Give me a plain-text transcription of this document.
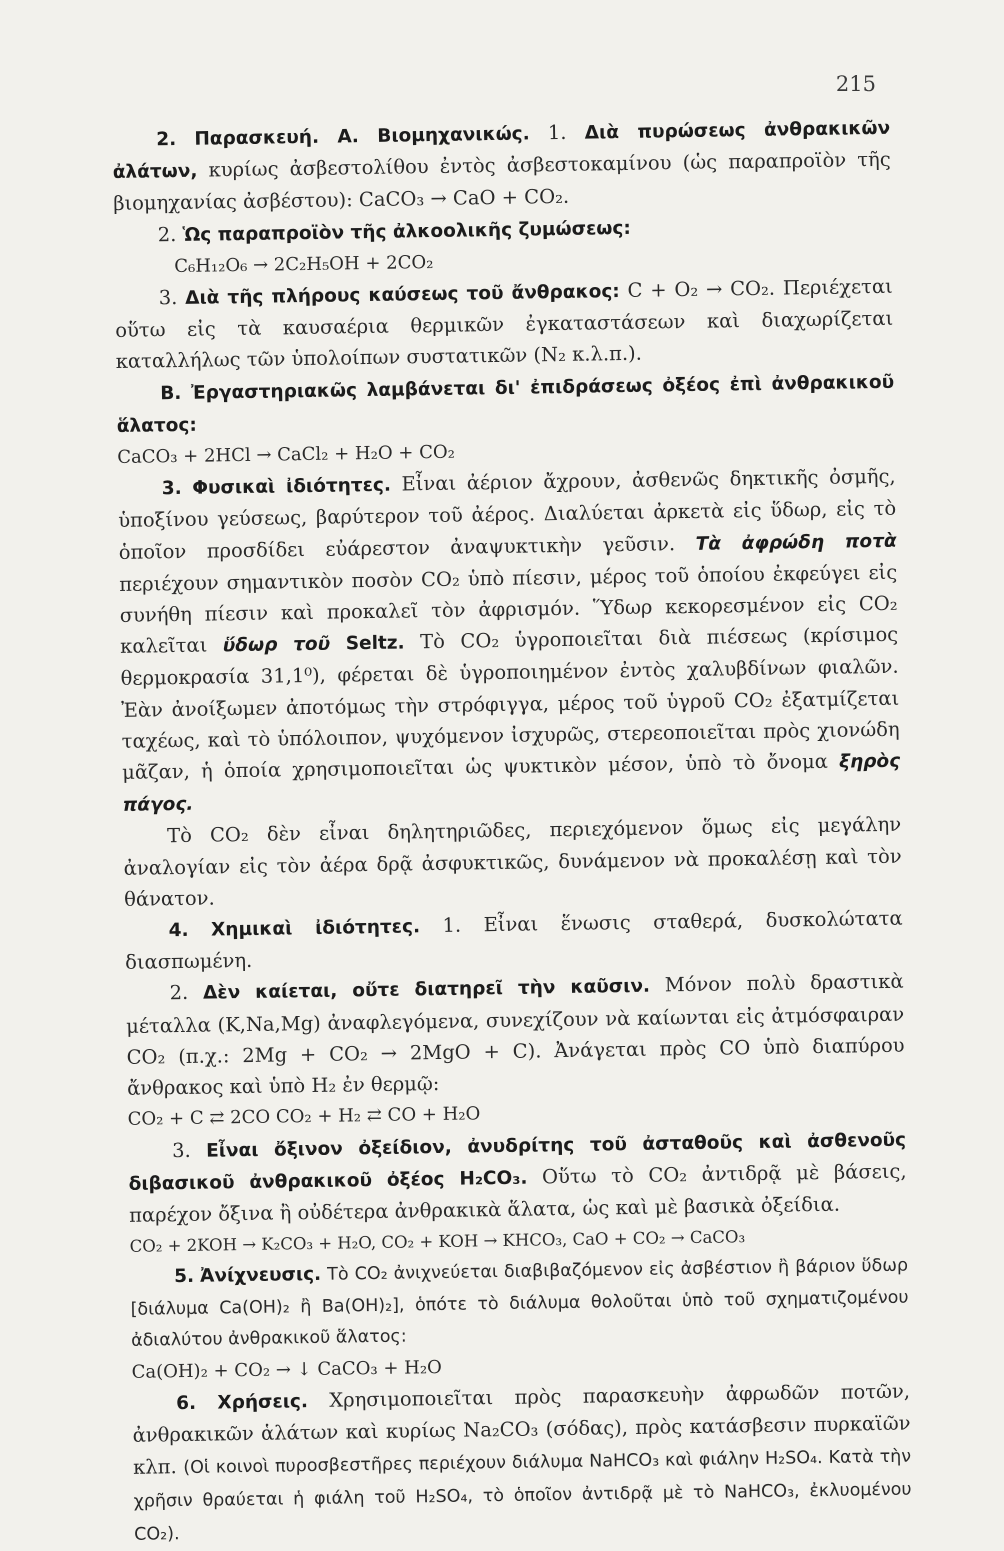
215

2. Παρασκευή. Α. Βιομηχανικώς. 1. Διὰ πυρώσεως ἀνθρακικῶν ἀλάτων, κυρίως ἀσβεστολίθου ἐντὸς ἀσβεστοκαμίνου (ὡς παραπροϊὸν τῆς βιομηχανίας ἀσβέστου): CaCO₃ → CaO + CO₂.

2. Ὡς παραπροϊὸν τῆς ἀλκοολικῆς ζυμώσεως:

C₆H₁₂O₆ → 2C₂H₅OH + 2CO₂

3. Διὰ τῆς πλήρους καύσεως τοῦ ἄνθρακος: C + O₂ → CO₂. Περιέχεται οὕτω εἰς τὰ καυσαέρια θερμικῶν ἐγκαταστάσεων καὶ διαχωρίζεται καταλλήλως τῶν ὑπολοίπων συστατικῶν (N₂ κ.λ.π.).

Β. Ἐργαστηριακῶς λαμβάνεται δι' ἐπιδράσεως ὀξέος ἐπὶ ἀνθρακικοῦ ἅλατος:

CaCO₃ + 2HCl → CaCl₂ + H₂O + CO₂

3. Φυσικαὶ ἰδιότητες. Εἶναι ἀέριον ἄχρουν, ἀσθενῶς δηκτικῆς ὀσμῆς, ὑποξίνου γεύσεως, βαρύτερον τοῦ ἀέρος. Διαλύεται ἀρκετὰ εἰς ὕδωρ, εἰς τὸ ὁποῖον προσδίδει εὐάρεστον ἀναψυκτικὴν γεῦσιν. Τὰ ἀφρώδη ποτὰ περιέχουν σημαντικὸν ποσὸν CO₂ ὑπὸ πίεσιν, μέρος τοῦ ὁποίου ἐκφεύγει εἰς συνήθη πίεσιν καὶ προκαλεῖ τὸν ἀφρισμόν. Ὕδωρ κεκορεσμένον εἰς CO₂ καλεῖται ὕδωρ τοῦ Seltz. Τὸ CO₂ ὑγροποιεῖται διὰ πιέσεως (κρίσιμος θερμοκρασία 31,1⁰), φέρεται δὲ ὑγροποιημένον ἐντὸς χαλυβδίνων φιαλῶν. Ἐὰν ἀνοίξωμεν ἀποτόμως τὴν στρόφιγγα, μέρος τοῦ ὑγροῦ CO₂ ἐξατμίζεται ταχέως, καὶ τὸ ὑπόλοιπον, ψυχόμενον ἰσχυρῶς, στερεοποιεῖται πρὸς χιονώδη μᾶζαν, ἡ ὁποία χρησιμοποιεῖται ὡς ψυκτικὸν μέσον, ὑπὸ τὸ ὄνομα ξηρὸς πάγος.

Τὸ CO₂ δὲν εἶναι δηλητηριῶδες, περιεχόμενον ὅμως εἰς μεγάλην ἀναλογίαν εἰς τὸν ἀέρα δρᾷ ἀσφυκτικῶς, δυνάμενον νὰ προκαλέσῃ καὶ τὸν θάνατον.

4. Χημικαὶ ἰδιότητες. 1. Εἶναι ἕνωσις σταθερά, δυσκολώτατα διασπωμένη.

2. Δὲν καίεται, οὔτε διατηρεῖ τὴν καῦσιν. Μόνον πολὺ δραστικὰ μέταλλα (K,Na,Mg) ἀναφλεγόμενα, συνεχίζουν νὰ καίωνται εἰς ἀτμόσφαιραν CO₂ (π.χ.: 2Mg + CO₂ → 2MgO + C). Ἀνάγεται πρὸς CO ὑπὸ διαπύρου ἄνθρακος καὶ ὑπὸ H₂ ἐν θερμῷ:

CO₂ + C ⇄ 2CO CO₂ + H₂ ⇄ CO + H₂O

3. Εἶναι ὄξινον ὀξείδιον, ἀνυδρίτης τοῦ ἀσταθοῦς καὶ ἀσθενοῦς διβασικοῦ ἀνθρακικοῦ ὀξέος H₂CO₃. Οὕτω τὸ CO₂ ἀντιδρᾷ μὲ βάσεις, παρέχον ὄξινα ἢ οὐδέτερα ἀνθρακικὰ ἅλατα, ὡς καὶ μὲ βασικὰ ὀξείδια.

CO₂ + 2KOH → K₂CO₃ + H₂O, CO₂ + KOH → KHCO₃, CaO + CO₂ → CaCO₃

5. Ἀνίχνευσις. Τὸ CO₂ ἀνιχνεύεται διαβιβαζόμενον εἰς ἀσβέστιον ἢ βάριον ὕδωρ [διάλυμα Ca(OH)₂ ἢ Ba(OH)₂], ὁπότε τὸ διάλυμα θολοῦται ὑπὸ τοῦ σχηματιζομένου ἀδιαλύτου ἀνθρακικοῦ ἅλατος:

Ca(OH)₂ + CO₂ → ↓ CaCO₃ + H₂O

6. Χρήσεις. Χρησιμοποιεῖται πρὸς παρασκευὴν ἀφρωδῶν ποτῶν, ἀνθρακικῶν ἁλάτων καὶ κυρίως Na₂CO₃ (σόδας), πρὸς κατάσβεσιν πυρκαϊῶν κλπ. (Οἱ κοινοὶ πυροσβεστῆρες περιέχουν διάλυμα NaHCO₃ καὶ φιάλην H₂SO₄. Κατὰ τὴν χρῆσιν θραύεται ἡ φιάλη τοῦ H₂SO₄, τὸ ὁποῖον ἀντιδρᾷ μὲ τὸ NaHCO₃, ἐκλυομένου CO₂).
